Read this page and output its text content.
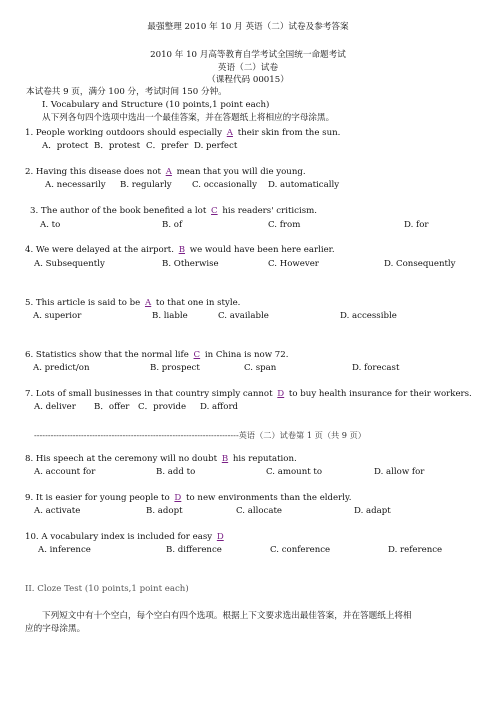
最强整理 2010 年 10 月 英语（二）试卷及参考答案
2010 年 10 月高等教育自学考试全国统一命题考试
英语（二）试卷
（课程代码 00015）
本试卷共 9 页，满分 100 分，考试时间 150 分钟。
I. Vocabulary and Structure (10 points,1 point each)
从下列各句四个选项中选出一个最佳答案，并在答题纸上将相应的字母涂黑。
1. People working outdoors should especially A their skin from the sun.
A．protect B．protest C．prefer D. perfect
2. Having this disease does not A mean that you will die young.
A. necessarily B. regularly C. occasionally D. automatically
3. The author of the book benefited a lot C his readers' criticism.
A. to	B. of	C. from	D. for
4. We were delayed at the airport. B we would have been here earlier.
A. Subsequently	B. Otherwise	C. However	D. Consequently
5. This article is said to be A to that one in style.
A. superior	B. liable	C. available	D. accessible
6. Statistics show that the normal life C in China is now 72.
A. predict/on	B. prospect	C. span	D. forecast
7. Lots of small businesses in that country simply cannot D to buy health insurance for their workers.
A. deliver B．offer C．provide D. afford
--------------------------------------------------------------------------英语（二）试卷第 1 页（共 9 页）
8. His speech at the ceremony will no doubt B his reputation.
A. account for	B. add to	C. amount to	D. allow for
9. It is easier for young people to D to new environments than the elderly.
A. activate	B. adopt	C. allocate	D. adapt
10. A vocabulary index is included for easy D
A. inference	B. difference	C. conference	D. reference
II. Cloze Test (10 points,1 point each)
下列短文中有十个空白，每个空白有四个选项。根据上下文要求选出最佳答案，并在答题纸上将相
应的字母涂黑。
